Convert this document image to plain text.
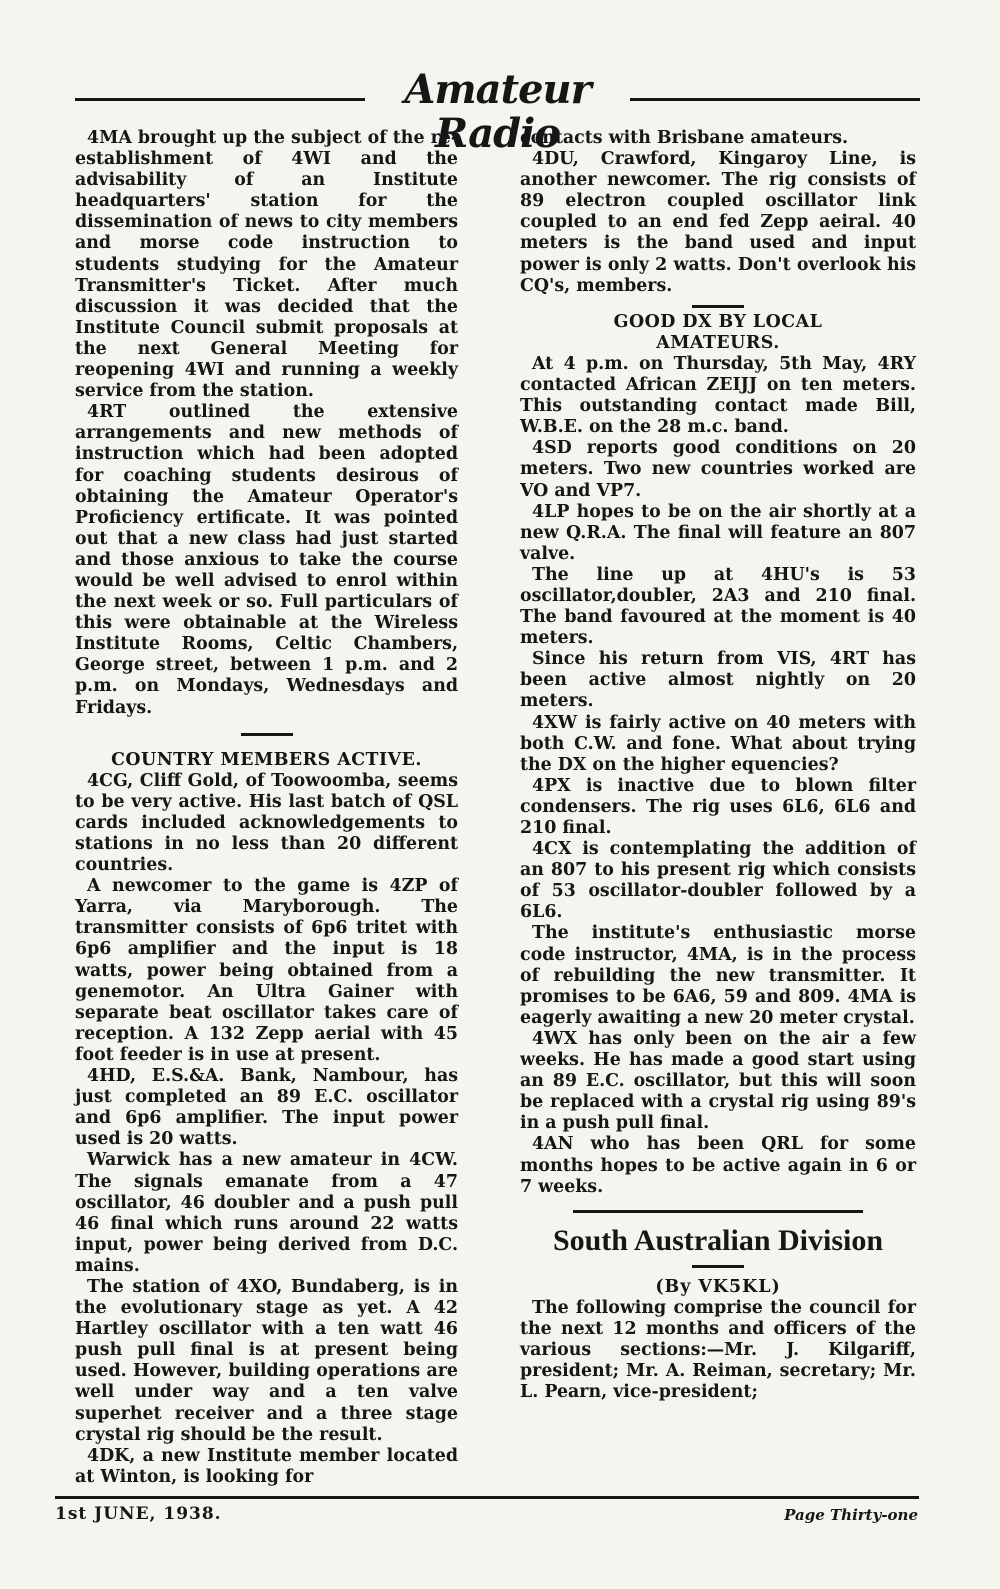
Amateur Radio

4MA brought up the subject of the re-establishment of 4WI and the advisability of an Institute headquarters' station for the dissemination of news to city members and morse code instruction to students studying for the Amateur Transmitter's Ticket. After much discussion it was decided that the Institute Council submit proposals at the next General Meeting for reopening 4WI and running a weekly service from the station.

4RT outlined the extensive arrangements and new methods of instruction which had been adopted for coaching students desirous of obtaining the Amateur Operator's Proficiency ertificate. It was pointed out that a new class had just started and those anxious to take the course would be well advised to enrol within the next week or so. Full particulars of this were obtainable at the Wireless Institute Rooms, Celtic Chambers, George street, between 1 p.m. and 2 p.m. on Mondays, Wednesdays and Fridays.

COUNTRY MEMBERS ACTIVE.

4CG, Cliff Gold, of Toowoomba, seems to be very active. His last batch of QSL cards included acknowledgements to stations in no less than 20 different countries.

A newcomer to the game is 4ZP of Yarra, via Maryborough. The transmitter consists of 6p6 tritet with 6p6 amplifier and the input is 18 watts, power being obtained from a genemotor. An Ultra Gainer with separate beat oscillator takes care of reception. A 132 Zepp aerial with 45 foot feeder is in use at present.

4HD, E.S.&A. Bank, Nambour, has just completed an 89 E.C. oscillator and 6p6 amplifier. The input power used is 20 watts.

Warwick has a new amateur in 4CW. The signals emanate from a 47 oscillator, 46 doubler and a push pull 46 final which runs around 22 watts input, power being derived from D.C. mains.

The station of 4XO, Bundaberg, is in the evolutionary stage as yet. A 42 Hartley oscillator with a ten watt 46 push pull final is at present being used. However, building operations are well under way and a ten valve superhet receiver and a three stage crystal rig should be the result.

4DK, a new Institute member located at Winton, is looking for

contacts with Brisbane amateurs.

4DU, Crawford, Kingaroy Line, is another newcomer. The rig consists of 89 electron coupled oscillator link coupled to an end fed Zepp aeiral. 40 meters is the band used and input power is only 2 watts. Don't overlook his CQ's, members.

GOOD DX BY LOCAL
AMATEURS.

At 4 p.m. on Thursday, 5th May, 4RY contacted African ZEIJJ on ten meters. This outstanding contact made Bill, W.B.E. on the 28 m.c. band.

4SD reports good conditions on 20 meters. Two new countries worked are VO and VP7.

4LP hopes to be on the air shortly at a new Q.R.A. The final will feature an 807 valve.

The line up at 4HU's is 53 oscillator,doubler, 2A3 and 210 final. The band favoured at the moment is 40 meters.

Since his return from VIS, 4RT has been active almost nightly on 20 meters.

4XW is fairly active on 40 meters with both C.W. and fone. What about trying the DX on the higher equencies?

4PX is inactive due to blown filter condensers. The rig uses 6L6, 6L6 and 210 final.

4CX is contemplating the addition of an 807 to his present rig which consists of 53 oscillator-doubler followed by a 6L6.

The institute's enthusiastic morse code instructor, 4MA, is in the process of rebuilding the new transmitter. It promises to be 6A6, 59 and 809. 4MA is eagerly awaiting a new 20 meter crystal.

4WX has only been on the air a few weeks. He has made a good start using an 89 E.C. oscillator, but this will soon be replaced with a crystal rig using 89's in a push pull final.

4AN who has been QRL for some months hopes to be active again in 6 or 7 weeks.

South Australian Division

(By VK5KL)

The following comprise the council for the next 12 months and officers of the various sections:—Mr. J. Kilgariff, president; Mr. A. Reiman, secretary; Mr. L. Pearn, vice-president;

1st JUNE, 1938.	Page Thirty-one
